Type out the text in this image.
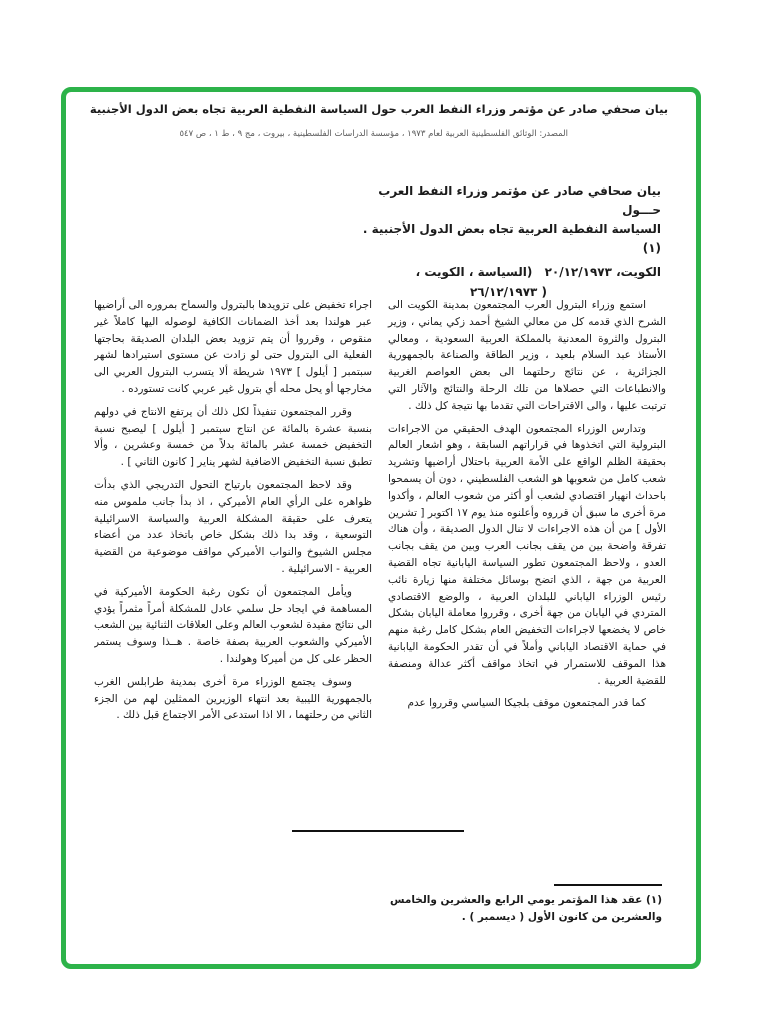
بيان صحفي صادر عن مؤتمر وزراء النفط العرب حول السياسة النفطية العربية تجاه بعض الدول الأجنبية
المصدر: الوثائق الفلسطينية العربية لعام ١٩٧٣ ، مؤسسة الدراسات الفلسطينية ، بيروت ، مج ٩ ، ط ١ ، ص ٥٤٧
بيان صحافي صادر عن مؤتمر وزراء النفط العرب حـــول
السياسة النفطية العربية تجاه بعض الدول الأجنبية . (١)
الكويت، ٢٠/١٢/١٩٧٣ (السياسة ، الكويت ،
( ٢٦/١٢/١٩٧٣

استمع وزراء البترول العرب المجتمعون بمدينة الكويت الى الشرح الذي قدمه كل من معالي الشيخ أحمد زكي يماني ، وزير البترول والثروة المعدنية بالمملكة العربية السعودية ، ومعالي الأستاذ عبد السلام بلعيد ، وزير الطاقة والصناعة بالجمهورية الجزائرية ، عن نتائج رحلتهما الى بعض العواصم الغربية والانطباعات التي حصلاها من تلك الرحلة والنتائج والآثار التي ترتبت عليها ، والى الاقتراحات التي تقدما بها نتيجة كل ذلك .

وتدارس الوزراء المجتمعون الهدف الحقيقي من الاجراءات البترولية التي اتخذوها في قراراتهم السابقة ، وهو اشعار العالم بحقيقة الظلم الواقع على الأمة العربية باحتلال أراضيها وتشريد شعب كامل من شعوبها هو الشعب الفلسطيني ، دون أن يسمحوا باحداث انهيار اقتصادي لشعب أو أكثر من شعوب العالم ، وأكدوا مرة أخرى ما سبق أن قرروه وأعلنوه منذ يوم ١٧ اكتوبر [ تشرين الأول ] من أن هذه الاجراءات لا تنال الدول الصديقة ، وأن هناك تفرقة واضحة بين من يقف بجانب العرب وبين من يقف بجانب العدو ، ولاحظ المجتمعون تطور السياسة اليابانية تجاه القضية العربية من جهة ، الذي اتضح بوسائل مختلفة منها زيارة نائب رئيس الوزراء الياباني للبلدان العربية ، والوضع الاقتصادي المتردي في اليابان من جهة أخرى ، وقرروا معاملة اليابان بشكل خاص لا يخضعها لاجراءات التخفيض العام بشكل كامل رغبة منهم في حماية الاقتصاد الياباني وأملاً في أن تقدر الحكومة اليابانية هذا الموقف للاستمرار في اتخاذ مواقف أكثر عدالة ومنصفة للقضية العربية .

كما قدر المجتمعون موقف بلجيكا السياسي وقرروا عدم

اجراء تخفيض على تزويدها بالبترول والسماح بمروره الى أراضيها عبر هولندا بعد أخذ الضمانات الكافية لوصوله اليها كاملاً غير منقوص ، وقرروا أن يتم تزويد بعض البلدان الصديقة بحاجتها الفعلية الى البترول حتى لو زادت عن مستوى استيرادها لشهر سبتمبر [ أيلول ] ١٩٧٣ شريطة ألا يتسرب البترول العربي الى مخارجها أو يحل محله أي بترول غير عربي كانت تستورده .

وقرر المجتمعون تنفيذاً لكل ذلك أن يرتفع الانتاج في دولهم بنسبة عشرة بالمائة عن انتاج سبتمبر [ أيلول ] ليصبح نسبة التخفيض خمسة عشر بالمائة بدلاً من خمسة وعشرين ، وألا تطبق نسبة التخفيض الاضافية لشهر يناير [ كانون الثاني ] .

وقد لاحظ المجتمعون بارتياح التحول التدريجي الذي بدأت ظواهره على الرأي العام الأميركي ، اذ بدأ جانب ملموس منه يتعرف على حقيقة المشكلة العربية والسياسة الاسرائيلية التوسعية ، وقد بدا ذلك بشكل خاص باتخاذ عدد من أعضاء مجلس الشيوخ والنواب الأميركي مواقف موضوعية من القضية العربية - الاسرائيلية .

ويأمل المجتمعون أن تكون رغبة الحكومة الأميركية في المساهمة في ايجاد حل سلمي عادل للمشكلة أمراً مثمراً يؤدي الى نتائج مفيدة لشعوب العالم وعلى العلاقات الثنائية بين الشعب الأميركي والشعوب العربية بصفة خاصة . هــذا وسوف يستمر الحظر على كل من أميركا وهولندا .

وسوف يجتمع الوزراء مرة أخرى بمدينة طرابلس الغرب بالجمهورية الليبية بعد انتهاء الوزيرين الممثلين لهم من الجزء الثاني من رحلتهما ، الا اذا استدعى الأمر الاجتماع قبل ذلك .

(١) عقد هذا المؤتمر يومي الرابع والعشرين والخامس والعشرين من كانون الأول ( ديسمبر ) .
